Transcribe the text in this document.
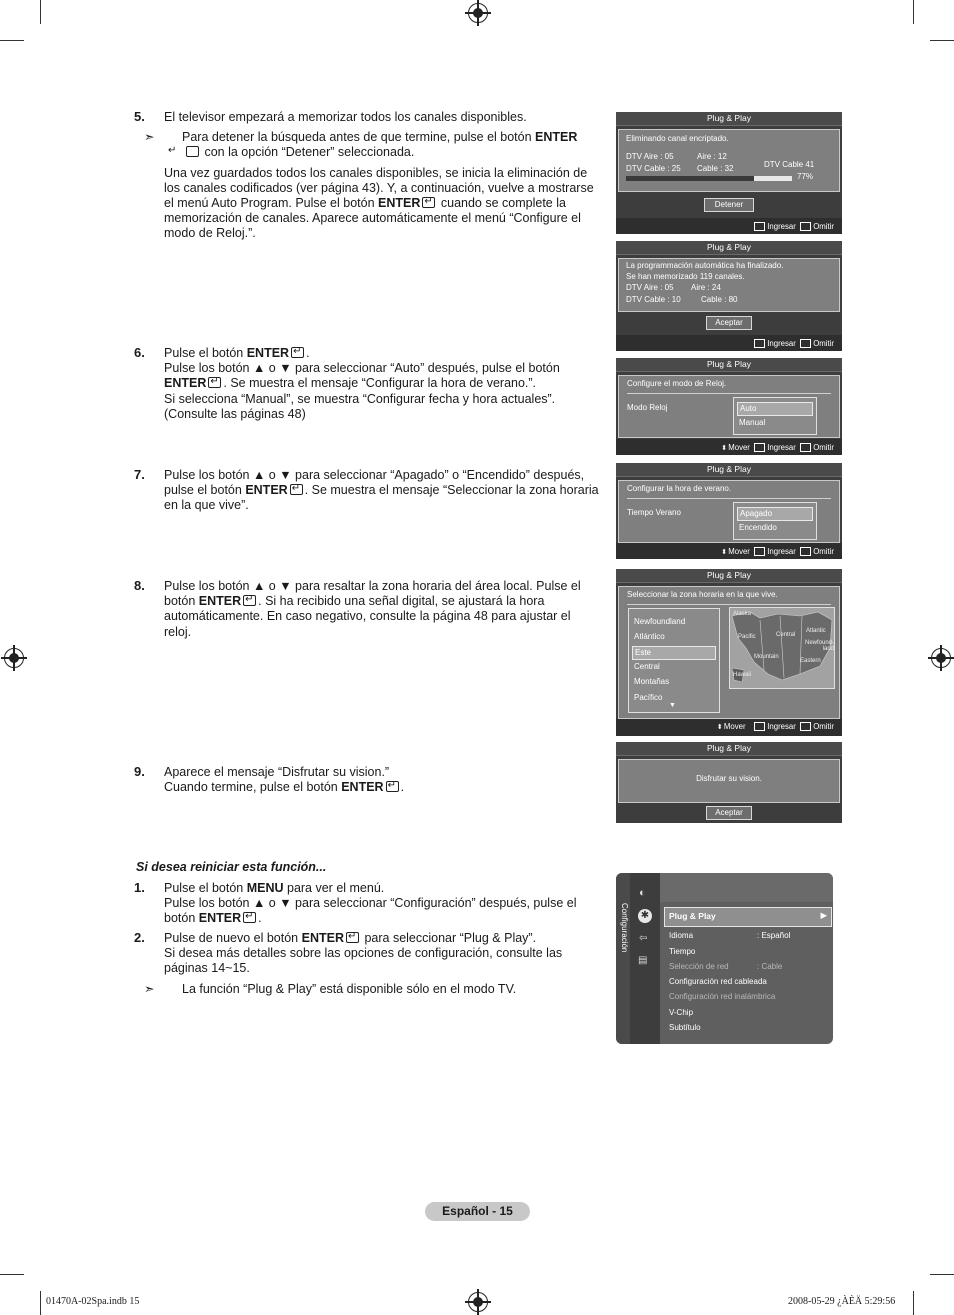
5. El televisor empezará a memorizar todos los canales disponibles.

➣ Para detener la búsqueda antes de que termine, pulse el botón ENTER
↵ con la opción “Detener” seleccionada.

Una vez guardados todos los canales disponibles, se inicia la eliminación de los canales codificados (ver página 43). Y, a continuación, vuelve a mostrarse el menú Auto Program. Pulse el botón ENTER↵ cuando se complete la memorización de canales. Aparece automáticamente el menú “Configure el modo de Reloj.”.

6. Pulse el botón ENTER ↵ .

Pulse los botón ▲ o ▼ para seleccionar “Auto” después, pulse el botón ENTER ↵ . Se muestra el mensaje “Configurar la hora de verano.”.

Si selecciona “Manual”, se muestra “Configurar fecha y hora actuales”. (Consulte las páginas 48)

7. Pulse los botón ▲ o ▼ para seleccionar “Apagado” o “Encendido” después, pulse el botón ENTER ↵ . Se muestra el mensaje “Seleccionar la zona horaria en la que vive”.

8. Pulse los botón ▲ o ▼ para resaltar la zona horaria del área local. Pulse el botón ENTER ↵ . Si ha recibido una señal digital, se ajustará la hora automáticamente. En caso negativo, consulte la página 48 para ajustar el reloj.

9. Aparece el mensaje “Disfrutar su vision.”

Cuando termine, pulse el botón ENTER ↵ .

Si desea reiniciar esta función...
1. Pulse el botón MENU para ver el menú.

Pulse los botón ▲ o ▼ para seleccionar “Configuración” después, pulse el botón ENTER ↵ .

2. Pulse de nuevo el botón ENTER↵ para seleccionar “Plug & Play”.

Si desea más detalles sobre las opciones de configuración, consulte las páginas 14~15.

➣ La función “Plug & Play” está disponible sólo en el modo TV.

Plug & Play
Eliminando canal encriptado.
DTV Aire : 05	Aire : 12
DTV Cable : 25 Cable : 32	DTV Cable 41
77%
Detener
Ingresar Omitir
Plug & Play
La programmación automática ha finalizado.
Se han memorizado 119 canales.
DTV Aire : 05 Aire : 24
DTV Cable : 10	Cable : 80
Aceptar
Ingresar Omitir
Plug & Play
Configure el modo de Reloj.
Modo Reloj	Auto
Manual
⬍Mover Ingresar Omitir
Plug & Play
Configurar la hora de verano.
Tiempo Verano	Apagado
Encendido
⬍Mover Ingresar Omitir
Plug & Play
Seleccionar la zona horaria en la que vive.
Newfoundland
Atlántico
Este
Central
Montañas
Pacífico
▼
Alaska
Pacific	Central
Atlantic
Newfound-
land
Mountain
Eastern
Hawaii
⬍Mover	Ingresar Omitir
Plug & Play
Disfrutar su vision.
Aceptar
Configuración
◐
✱
⇦
▤
Plug & Play	▶
Idioma	: Español
Tiempo
Selección de red	: Cable
Configuración red cableada
Configuración red inalámbrica
V-Chip
Subtítulo
Español - 15
01470A-02Spa.indb 15	2008-05-29 ¿ÀÈÄ 5:29:56
